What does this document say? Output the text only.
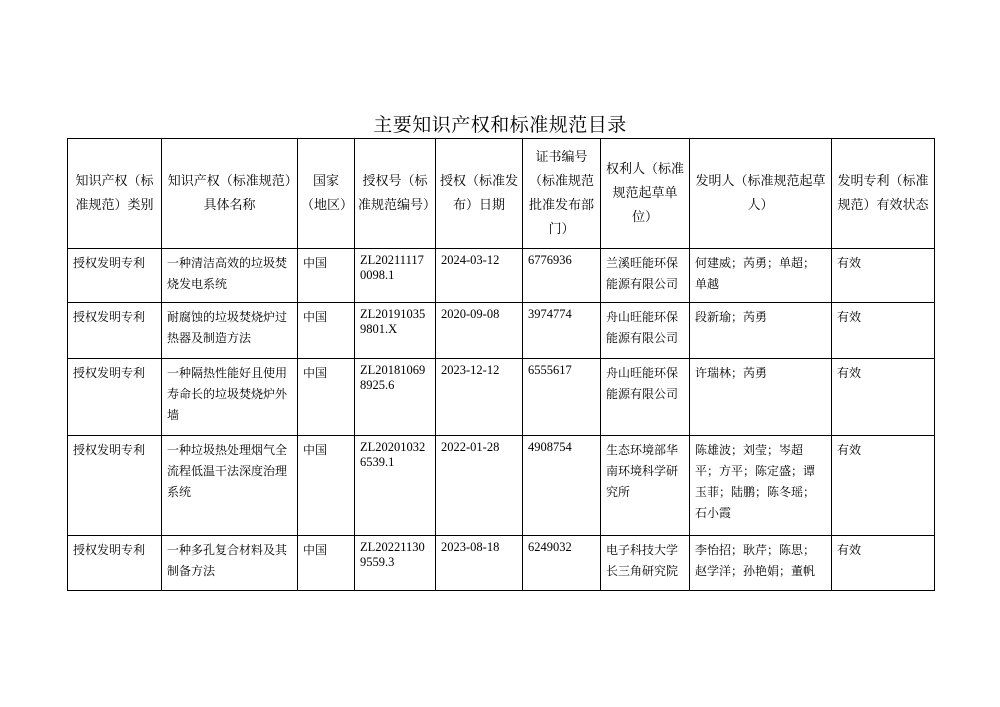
主要知识产权和标准规范目录
知识产权（标准规范）类别	知识产权（标准规范）具体名称	国家（地区）	授权号（标准规范编号）	授权（标准发布）日期	证书编号（标准规范批准发布部门）	权利人（标准规范起草单位）	发明人（标准规范起草人）	发明专利（标准规范）有效状态
授权发明专利	一种清洁高效的垃圾焚烧发电系统	中国	ZL202111170098.1	2024-03-12	6776936	兰溪旺能环保能源有限公司	何建威；芮勇；单超；单越	有效
授权发明专利	耐腐蚀的垃圾焚烧炉过热器及制造方法	中国	ZL201910359801.X	2020-09-08	3974774	舟山旺能环保能源有限公司	段新瑜；芮勇	有效
授权发明专利	一种隔热性能好且使用寿命长的垃圾焚烧炉外墙	中国	ZL201810698925.6	2023-12-12	6555617	舟山旺能环保能源有限公司	许瑞林；芮勇	有效
授权发明专利	一种垃圾热处理烟气全流程低温干法深度治理系统	中国	ZL202010326539.1	2022-01-28	4908754	生态环境部华南环境科学研究所	陈雄波；刘莹；岑超平；方平；陈定盛；谭玉菲；陆鹏；陈冬瑶；石小霞	有效
授权发明专利	一种多孔复合材料及其制备方法	中国	ZL202211309559.3	2023-08-18	6249032	电子科技大学长三角研究院	李怡招；耿芹；陈思；赵学洋；孙艳娟；董帆	有效
